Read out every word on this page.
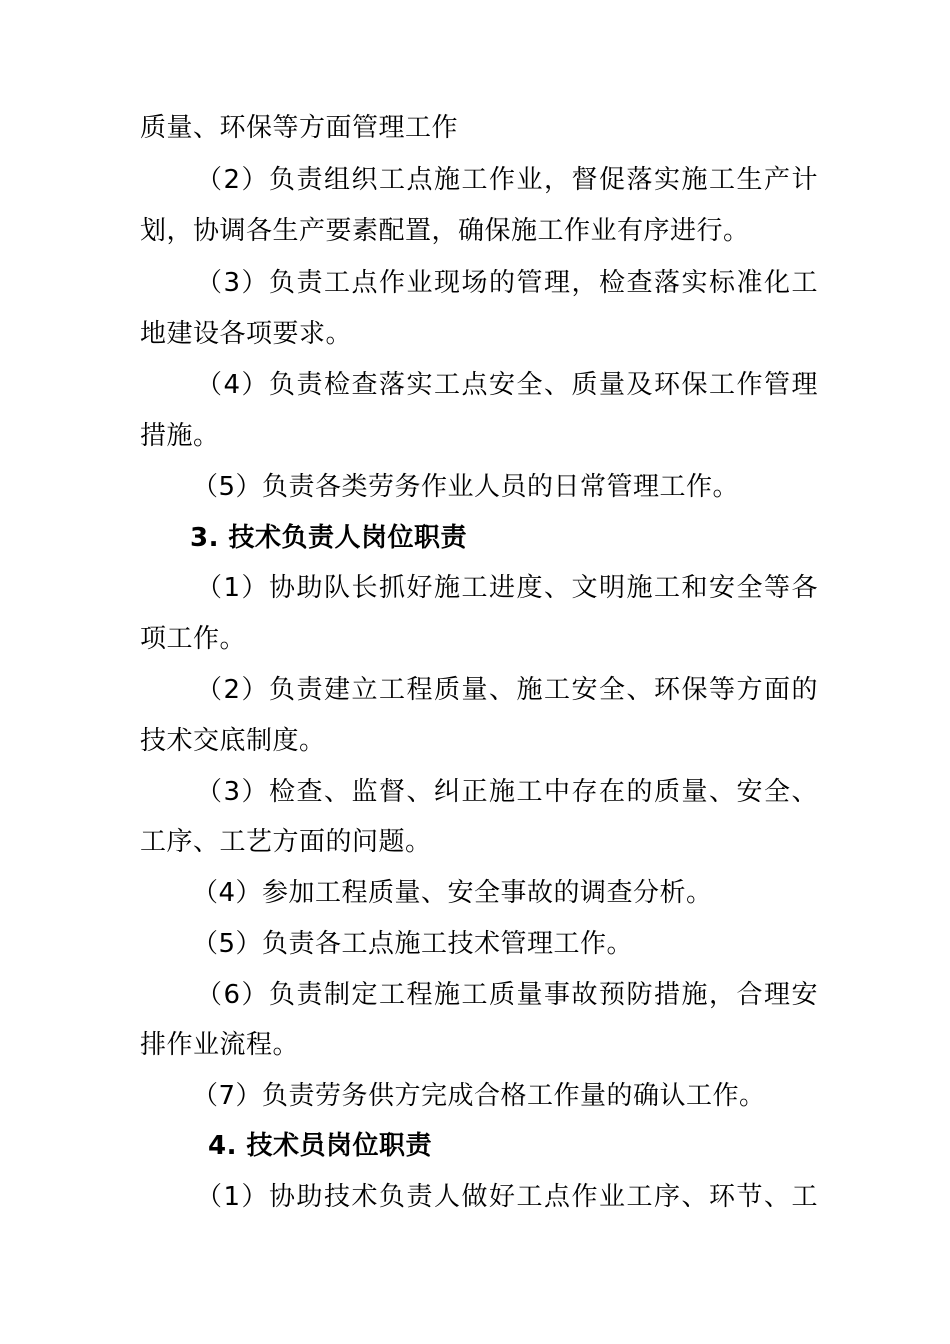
质量、环保等方面管理工作
（2）负责组织工点施工作业，督促落实施工生产计
划，协调各生产要素配置，确保施工作业有序进行。
（3）负责工点作业现场的管理，检查落实标准化工
地建设各项要求。
（4）负责检查落实工点安全、质量及环保工作管理
措施。
（5）负责各类劳务作业人员的日常管理工作。
3. 技术负责人岗位职责
（1）协助队长抓好施工进度、文明施工和安全等各
项工作。
（2）负责建立工程质量、施工安全、环保等方面的
技术交底制度。
（3）检查、监督、纠正施工中存在的质量、安全、
工序、工艺方面的问题。
（4）参加工程质量、安全事故的调查分析。
（5）负责各工点施工技术管理工作。
（6）负责制定工程施工质量事故预防措施，合理安
排作业流程。
（7）负责劳务供方完成合格工作量的确认工作。
4. 技术员岗位职责
（1）协助技术负责人做好工点作业工序、环节、工
